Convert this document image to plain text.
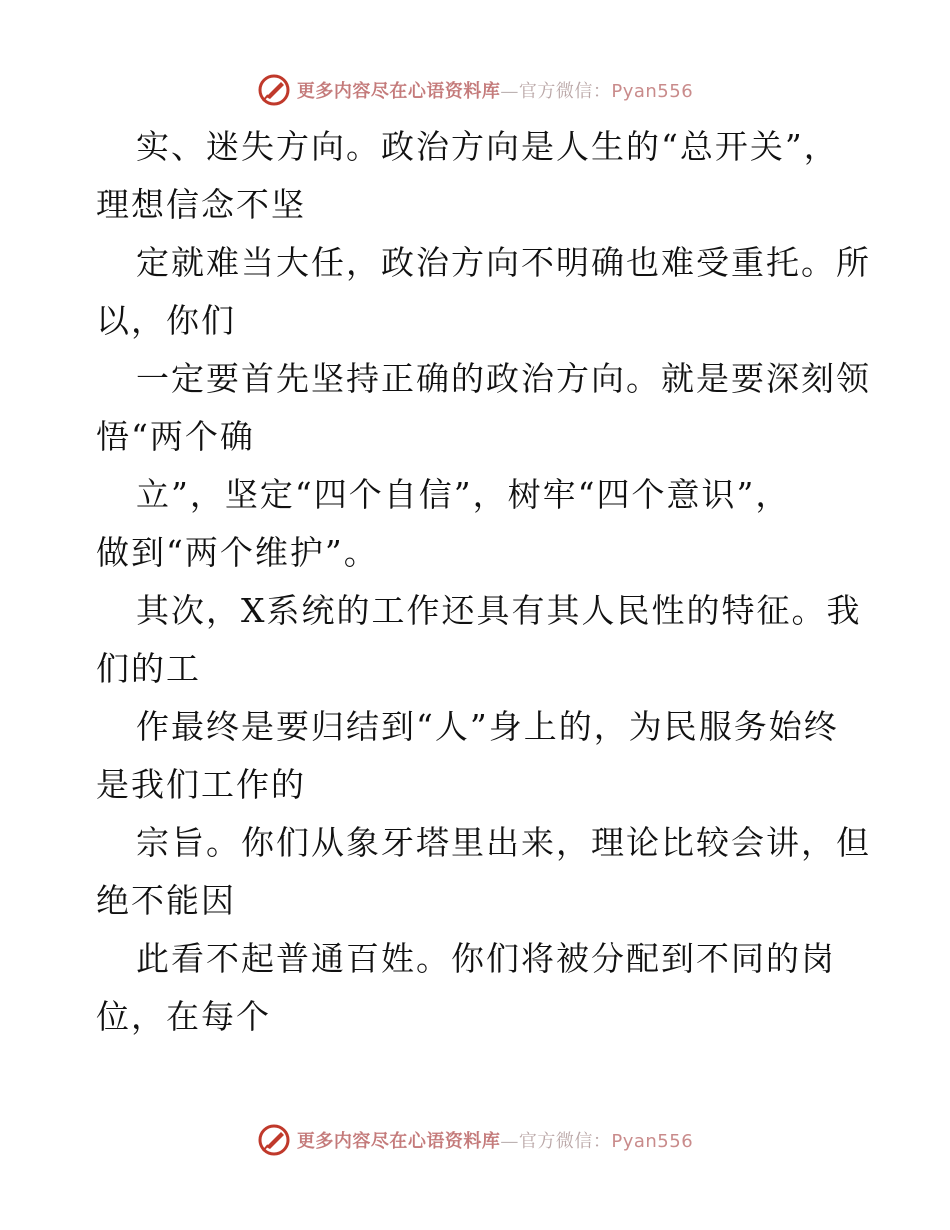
更多内容尽在心语资料库—官方微信：Pyan556
实、迷失方向。政治方向是人生的“总开关”，
理想信念不坚
定就难当大任，政治方向不明确也难受重托。所
以，你们
一定要首先坚持正确的政治方向。就是要深刻领
悟“两个确
立”，坚定“四个自信”，树牢“四个意识”，
做到“两个维护”。
其次，X系统的工作还具有其人民性的特征。我
们的工
作最终是要归结到“人”身上的，为民服务始终
是我们工作的
宗旨。你们从象牙塔里出来，理论比较会讲，但
绝不能因
此看不起普通百姓。你们将被分配到不同的岗
位，在每个
更多内容尽在心语资料库—官方微信：Pyan556
